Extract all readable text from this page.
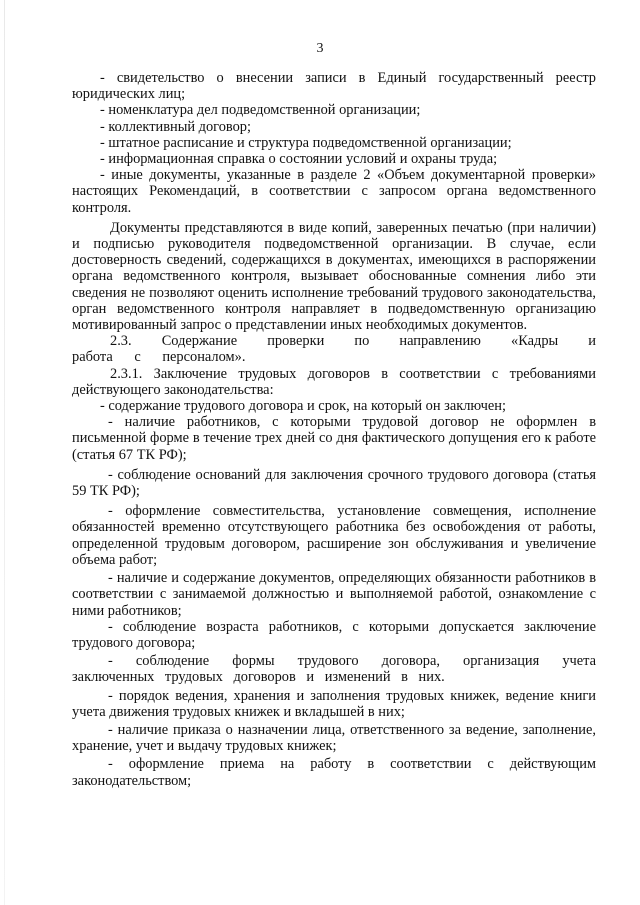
3

- свидетельство о внесении записи в Единый государственный реестр юридических лиц;

- номенклатура дел подведомственной организации;

- коллективный договор;

- штатное расписание и структура подведомственной организации;

- информационная справка о состоянии условий и охраны труда;

- иные документы, указанные в разделе 2 «Объем документарной проверки» настоящих Рекомендаций, в соответствии с запросом органа ведомственного контроля.

Документы представляются в виде копий, заверенных печатью (при наличии) и подписью руководителя подведомственной организации. В случае, если достоверность сведений, содержащихся в документах, имеющихся в распоряжении органа ведомственного контроля, вызывает обоснованные сомнения либо эти сведения не позволяют оценить исполнение требований трудового законодательства, орган ведомственного контроля направляет в подведомственную организацию мотивированный запрос о представлении иных необходимых документов.

2.3. Содержание проверки по направлению «Кадры и работа с персоналом».

2.3.1. Заключение трудовых договоров в соответствии с требованиями действующего законодательства:

- содержание трудового договора и срок, на который он заключен;

- наличие работников, с которыми трудовой договор не оформлен в письменной форме в течение трех дней со дня фактического допущения его к работе (статья 67 ТК РФ);

- соблюдение оснований для заключения срочного трудового договора (статья 59 ТК РФ);

- оформление совместительства, установление совмещения, исполнение обязанностей временно отсутствующего работника без освобождения от работы, определенной трудовым договором, расширение зон обслуживания и увеличение объема работ;

- наличие и содержание документов, определяющих обязанности работников в соответствии с занимаемой должностью и выполняемой работой, ознакомление с ними работников;

- соблюдение возраста работников, с которыми допускается заключение трудового договора;

- соблюдение формы трудового договора, организация учета заключенных трудовых договоров и изменений в них.

- порядок ведения, хранения и заполнения трудовых книжек, ведение книги учета движения трудовых книжек и вкладышей в них;

- наличие приказа о назначении лица, ответственного за ведение, заполнение, хранение, учет и выдачу трудовых книжек;

- оформление приема на работу в соответствии с действующим законодательством;
